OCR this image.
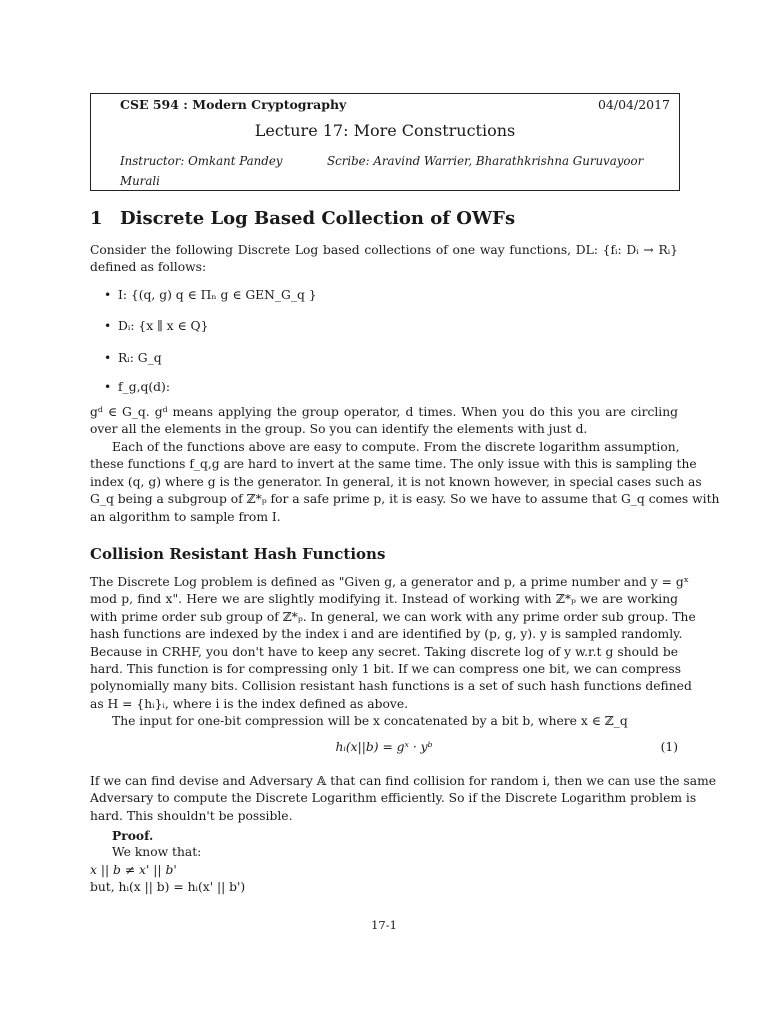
CSE 594 : Modern Cryptography	04/04/2017
Lecture 17: More Constructions
Instructor: Omkant Pandey	Scribe: Aravind Warrier, Bharathkrishna Guruvayoor
Murali
1 Discrete Log Based Collection of OWFs
Consider the following Discrete Log based collections of one way functions, DL: {fᵢ: Dᵢ → Rᵢ}
defined as follows:
• I: {(q, g) q ∈ Πₙ g ∈ GEN_G_q }
• Dᵢ: {x ∥ x ∈ Q}
• Rᵢ: G_q
• f_g,q(d):
gᵈ ∈ G_q. gᵈ means applying the group operator, d times. When you do this you are circling
over all the elements in the group. So you can identify the elements with just d.
Each of the functions above are easy to compute. From the discrete logarithm assumption,
these functions f_q,g are hard to invert at the same time. The only issue with this is sampling the
index (q, g) where g is the generator. In general, it is not known however, in special cases such as
G_q being a subgroup of ℤ*ₚ for a safe prime p, it is easy. So we have to assume that G_q comes with
an algorithm to sample from I.
Collision Resistant Hash Functions
The Discrete Log problem is defined as "Given g, a generator and p, a prime number and y = gˣ
mod p, find x". Here we are slightly modifying it. Instead of working with ℤ*ₚ we are working
with prime order sub group of ℤ*ₚ. In general, we can work with any prime order sub group. The
hash functions are indexed by the index i and are identified by (p, g, y). y is sampled randomly.
Because in CRHF, you don't have to keep any secret. Taking discrete log of y w.r.t g should be
hard. This function is for compressing only 1 bit. If we can compress one bit, we can compress
polynomially many bits. Collision resistant hash functions is a set of such hash functions defined
as H = {hᵢ}ᵢ, where i is the index defined as above.
The input for one-bit compression will be x concatenated by a bit b, where x ∈ ℤ_q
hᵢ(x||b) = gˣ · yᵇ	(1)
If we can find devise and Adversary 𝔸 that can find collision for random i, then we can use the same
Adversary to compute the Discrete Logarithm efficiently. So if the Discrete Logarithm problem is
hard. This shouldn't be possible.
Proof.
We know that:
x || b ≠ x' || b'
but, hᵢ(x || b) = hᵢ(x' || b')
17-1
